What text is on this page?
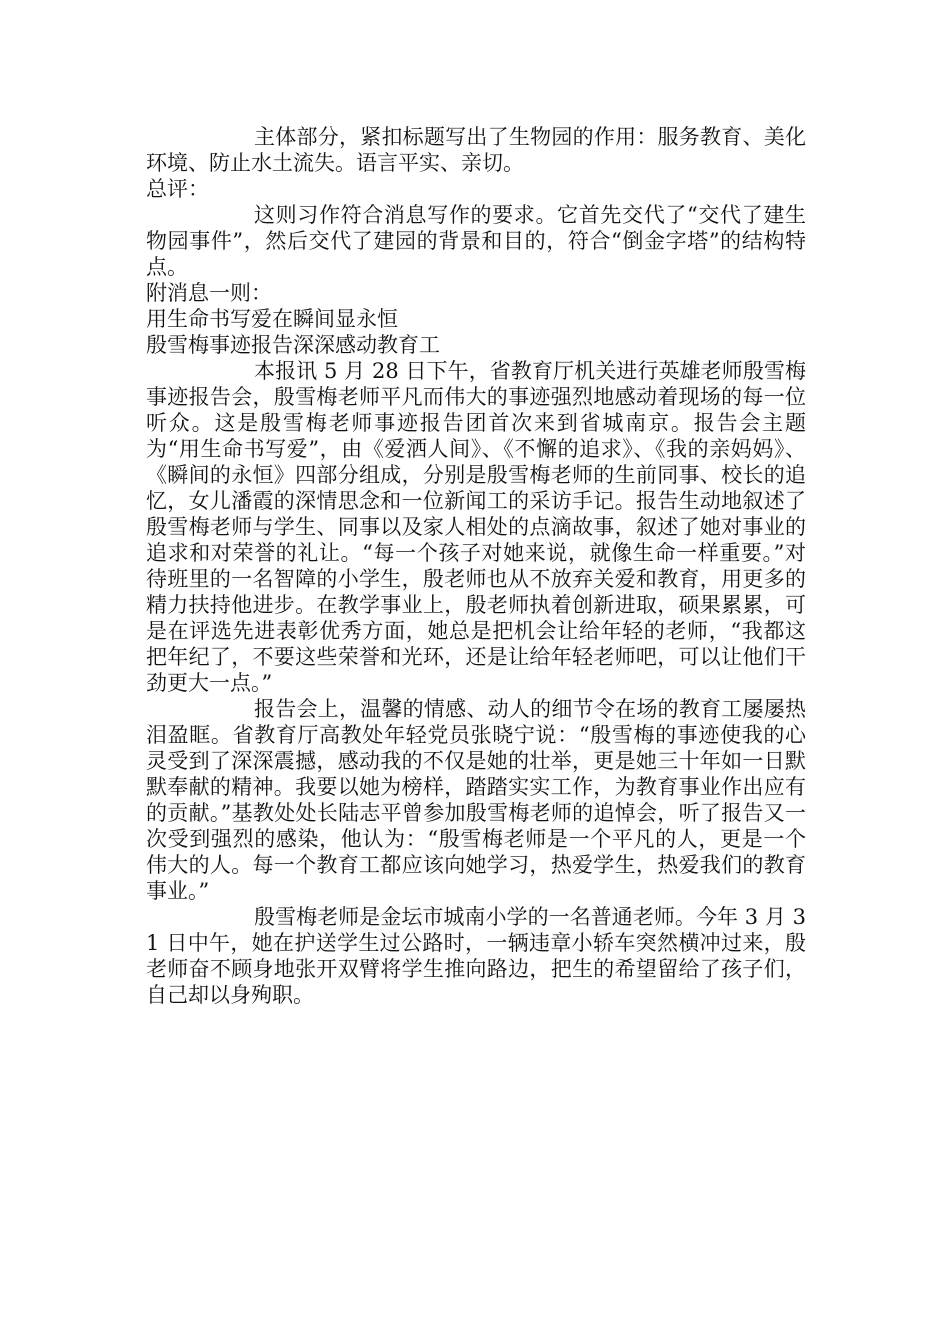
主体部分，紧扣标题写出了生物园的作用：服务教育、美化环境、防止水土流失。语言平实、亲切。

总评：

这则习作符合消息写作的要求。它首先交代了“交代了建生物园事件”，然后交代了建园的背景和目的，符合“倒金字塔”的结构特点。

附消息一则：

用生命书写爱在瞬间显永恒

殷雪梅事迹报告深深感动教育工

本报讯 5 月 28 日下午，省教育厅机关进行英雄老师殷雪梅事迹报告会，殷雪梅老师平凡而伟大的事迹强烈地感动着现场的每一位听众。这是殷雪梅老师事迹报告团首次来到省城南京。报告会主题为“用生命书写爱”，由《爱洒人间》、《不懈的追求》、《我的亲妈妈》、《瞬间的永恒》四部分组成，分别是殷雪梅老师的生前同事、校长的追忆，女儿潘霞的深情思念和一位新闻工的采访手记。报告生动地叙述了殷雪梅老师与学生、同事以及家人相处的点滴故事，叙述了她对事业的追求和对荣誉的礼让。“每一个孩子对她来说，就像生命一样重要。”对待班里的一名智障的小学生，殷老师也从不放弃关爱和教育，用更多的精力扶持他进步。在教学事业上，殷老师执着创新进取，硕果累累，可是在评选先进表彰优秀方面，她总是把机会让给年轻的老师，“我都这把年纪了，不要这些荣誉和光环，还是让给年轻老师吧，可以让他们干劲更大一点。”

报告会上，温馨的情感、动人的细节令在场的教育工屡屡热泪盈眶。省教育厅高教处年轻党员张晓宁说：“殷雪梅的事迹使我的心灵受到了深深震撼，感动我的不仅是她的壮举，更是她三十年如一日默默奉献的精神。我要以她为榜样，踏踏实实工作，为教育事业作出应有的贡献。”基教处处长陆志平曾参加殷雪梅老师的追悼会，听了报告又一次受到强烈的感染，他认为：“殷雪梅老师是一个平凡的人，更是一个伟大的人。每一个教育工都应该向她学习，热爱学生，热爱我们的教育事业。”

殷雪梅老师是金坛市城南小学的一名普通老师。今年 3 月 31 日中午，她在护送学生过公路时，一辆违章小轿车突然横冲过来，殷老师奋不顾身地张开双臂将学生推向路边，把生的希望留给了孩子们，自己却以身殉职。
